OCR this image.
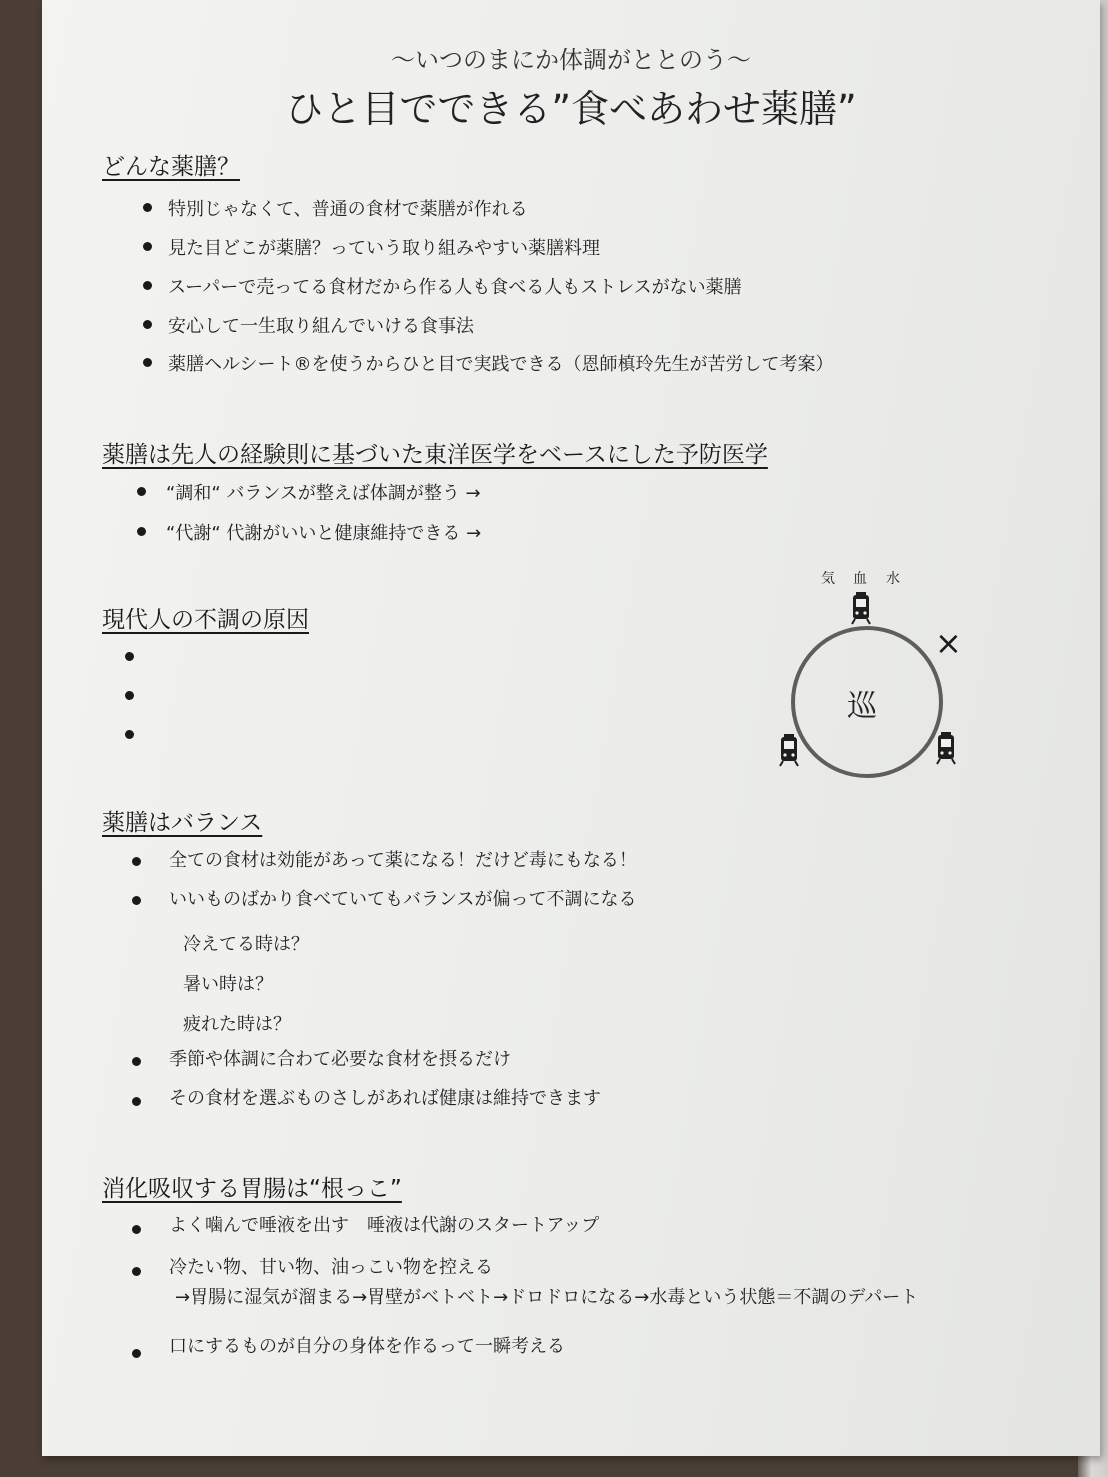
〜いつのまにか体調がととのう〜
ひと目でできる”食べあわせ薬膳”
どんな薬膳？
特別じゃなくて、普通の食材で薬膳が作れる
見た目どこが薬膳？っていう取り組みやすい薬膳料理
スーパーで売ってる食材だから作る人も食べる人もストレスがない薬膳
安心して一生取り組んでいける食事法
薬膳ヘルシート®を使うからひと目で実践できる（恩師槙玲先生が苦労して考案）
薬膳は先人の経験則に基づいた東洋医学をベースにした予防医学
“調和“ バランスが整えば体調が整う →
“代謝“ 代謝がいいと健康維持できる →
現代人の不調の原因
気 血 水
巡
×
薬膳はバランス
全ての食材は効能があって薬になる！だけど毒にもなる！
いいものばかり食べていてもバランスが偏って不調になる
冷えてる時は？
暑い時は？
疲れた時は？
季節や体調に合わて必要な食材を摂るだけ
その食材を選ぶものさしがあれば健康は維持できます
消化吸収する胃腸は“根っこ”
よく噛んで唾液を出す　唾液は代謝のスタートアップ
冷たい物、甘い物、油っこい物を控える
→胃腸に湿気が溜まる→胃壁がベトベト→ドロドロになる→水毒という状態＝不調のデパート
口にするものが自分の身体を作るって一瞬考える
